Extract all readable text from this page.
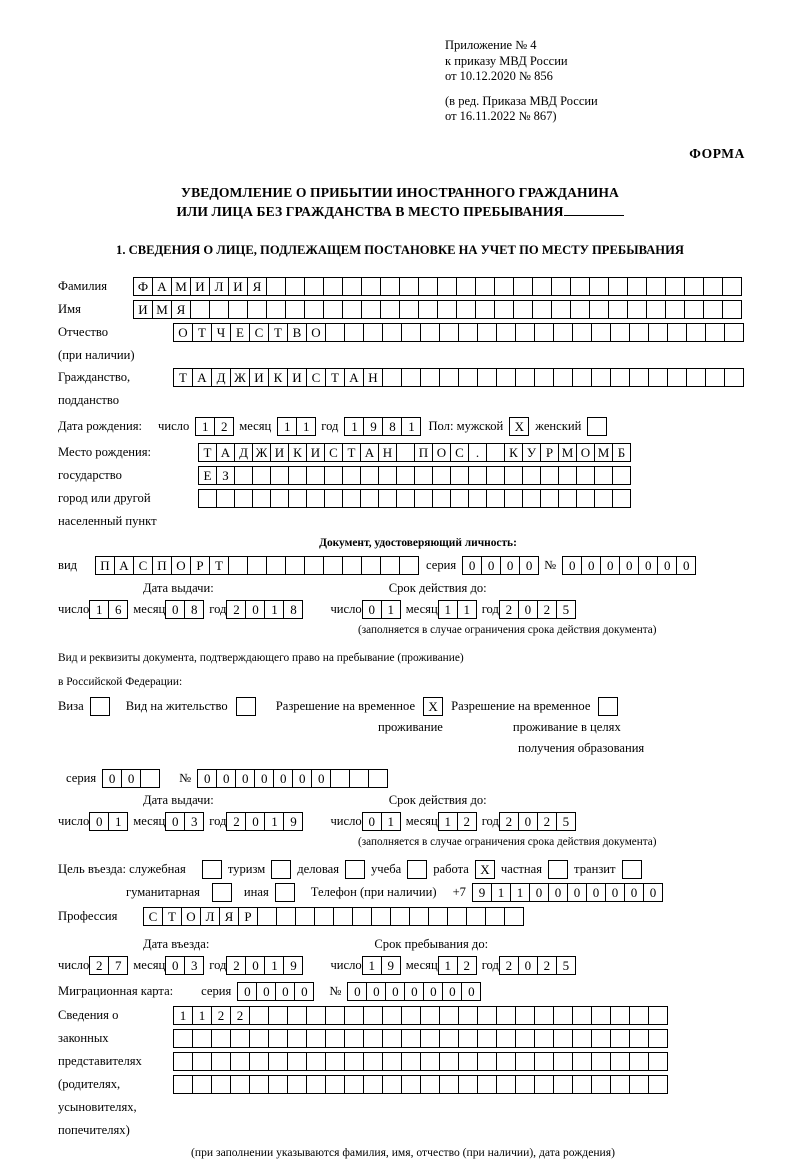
Приложение № 4
к приказу МВД России
от 10.12.2020 № 856
(в ред. Приказа МВД России
от 16.11.2022 № 867)
ФОРМА
УВЕДОМЛЕНИЕ О ПРИБЫТИИ ИНОСТРАННОГО ГРАЖДАНИНА
ИЛИ ЛИЦА БЕЗ ГРАЖДАНСТВА В МЕСТО ПРЕБЫВАНИЯ
1. СВЕДЕНИЯ О ЛИЦЕ, ПОДЛЕЖАЩЕМ ПОСТАНОВКЕ НА УЧЕТ ПО МЕСТУ ПРЕБЫВАНИЯ
Фамилия	Ф А М И Л И Я
Имя	И М Я
Отчество	О Т Ч Е С Т В О
(при наличии)
Гражданство,	Т А Д Ж И К И С Т А Н
подданство
Дата рождения: число 1 2 месяц 1 1 год 1 9 8 1	Пол: мужской Х женский
Место рождения:	Т А Д Ж И К И С Т А Н	П О С .	К У Р М О М Б
государство	Е З
город или другой
населенный пункт
Документ, удостоверяющий личность:
вид	П А С П О Р Т	серия 0 0 0 0 № 0 0 0 0 0 0 0
Дата выдачи:	Срок действия до:
число 1 6 месяц 0 8 год 2 0 1 8	число 0 1 месяц 1 1 год 2 0 2 5
(заполняется в случае ограничения срока действия документа)
Вид и реквизиты документа, подтверждающего право на пребывание (проживание)
в Российской Федерации:
Виза	Вид на жительство	Разрешение на временное	Х	Разрешение на временное
проживание	проживание в целях
получения образования
серия 0 0	№ 0 0 0 0 0 0 0
Дата выдачи:	Срок действия до:
число 0 1 месяц 0 3 год 2 0 1 9	число 0 1 месяц 1 2 год 2 0 2 5
(заполняется в случае ограничения срока действия документа)
Цель въезда: служебная	туризм	деловая	учеба	работа Х частная	транзит
гуманитарная	иная	Телефон (при наличии) +7 9 1 1 0 0 0 0 0 0 0
Профессия	С Т О Л Я Р
Дата въезда:	Срок пребывания до:
число 2 7 месяц 0 3 год 2 0 1 9	число 1 9 месяц 1 2 год 2 0 2 5
Миграционная карта: серия 0 0 0 0	№ 0 0 0 0 0 0 0
Сведения о	1 1 2 2
законных
представителях
(родителях,
усыновителях,
попечителях)
(при заполнении указываются фамилия, имя, отчество (при наличии), дата рождения)
